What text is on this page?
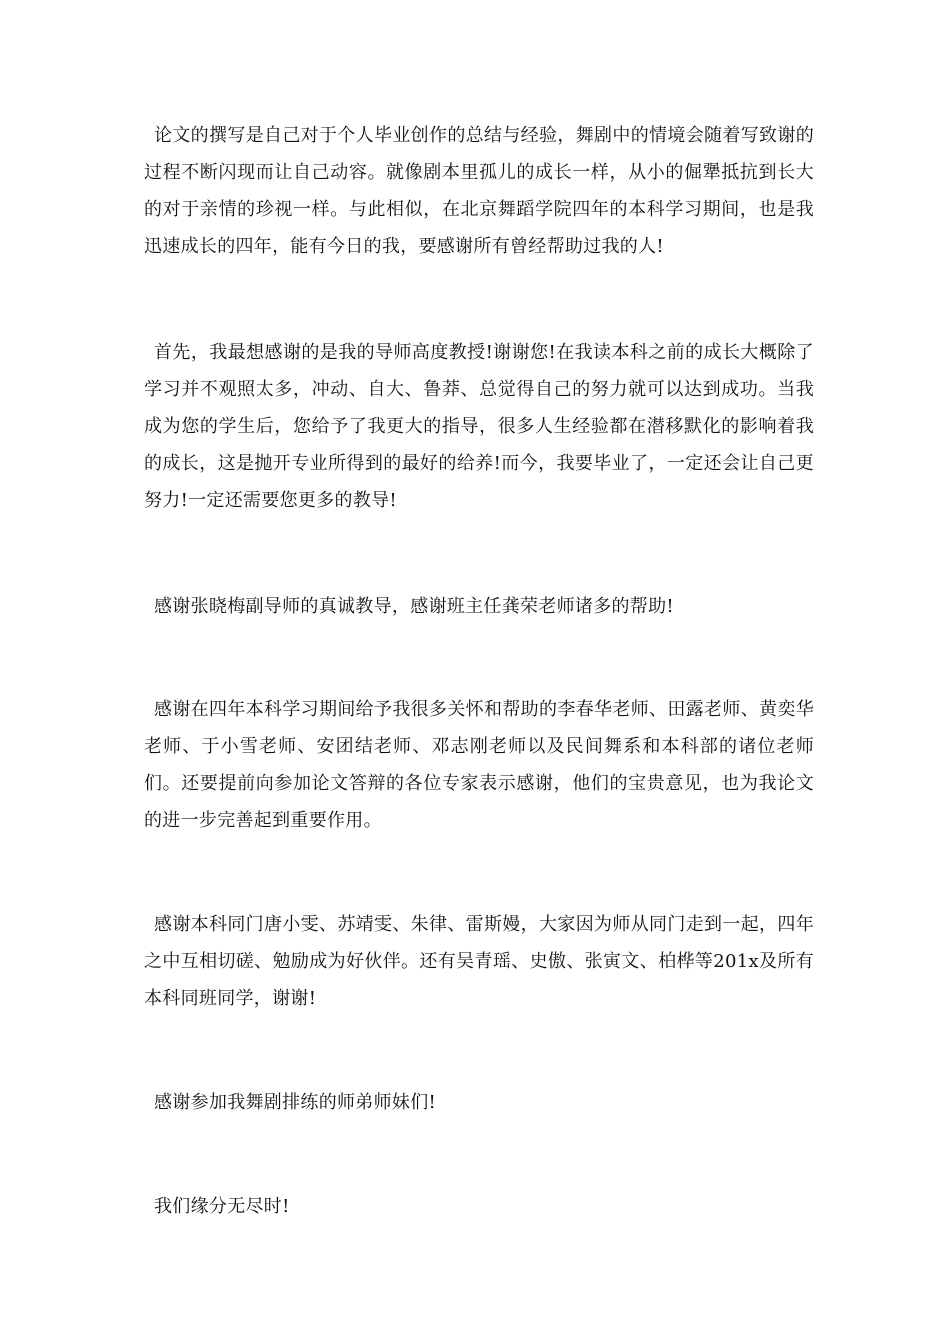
论文的撰写是自己对于个人毕业创作的总结与经验，舞剧中的情境会随着写致谢的过程不断闪现而让自己动容。就像剧本里孤儿的成长一样，从小的倔犟抵抗到长大的对于亲情的珍视一样。与此相似，在北京舞蹈学院四年的本科学习期间，也是我迅速成长的四年，能有今日的我，要感谢所有曾经帮助过我的人!

首先，我最想感谢的是我的导师高度教授!谢谢您!在我读本科之前的成长大概除了学习并不观照太多，冲动、自大、鲁莽、总觉得自己的努力就可以达到成功。当我成为您的学生后，您给予了我更大的指导，很多人生经验都在潜移默化的影响着我的成长，这是抛开专业所得到的最好的给养!而今，我要毕业了，一定还会让自己更努力!一定还需要您更多的教导!

感谢张晓梅副导师的真诚教导，感谢班主任龚荣老师诸多的帮助!

感谢在四年本科学习期间给予我很多关怀和帮助的李春华老师、田露老师、黄奕华老师、于小雪老师、安团结老师、邓志刚老师以及民间舞系和本科部的诸位老师们。还要提前向参加论文答辩的各位专家表示感谢，他们的宝贵意见，也为我论文的进一步完善起到重要作用。

感谢本科同门唐小雯、苏靖雯、朱律、雷斯嫚，大家因为师从同门走到一起，四年之中互相切磋、勉励成为好伙伴。还有吴青瑶、史傲、张寅文、柏桦等201x及所有本科同班同学，谢谢!

感谢参加我舞剧排练的师弟师妹们!

我们缘分无尽时!
